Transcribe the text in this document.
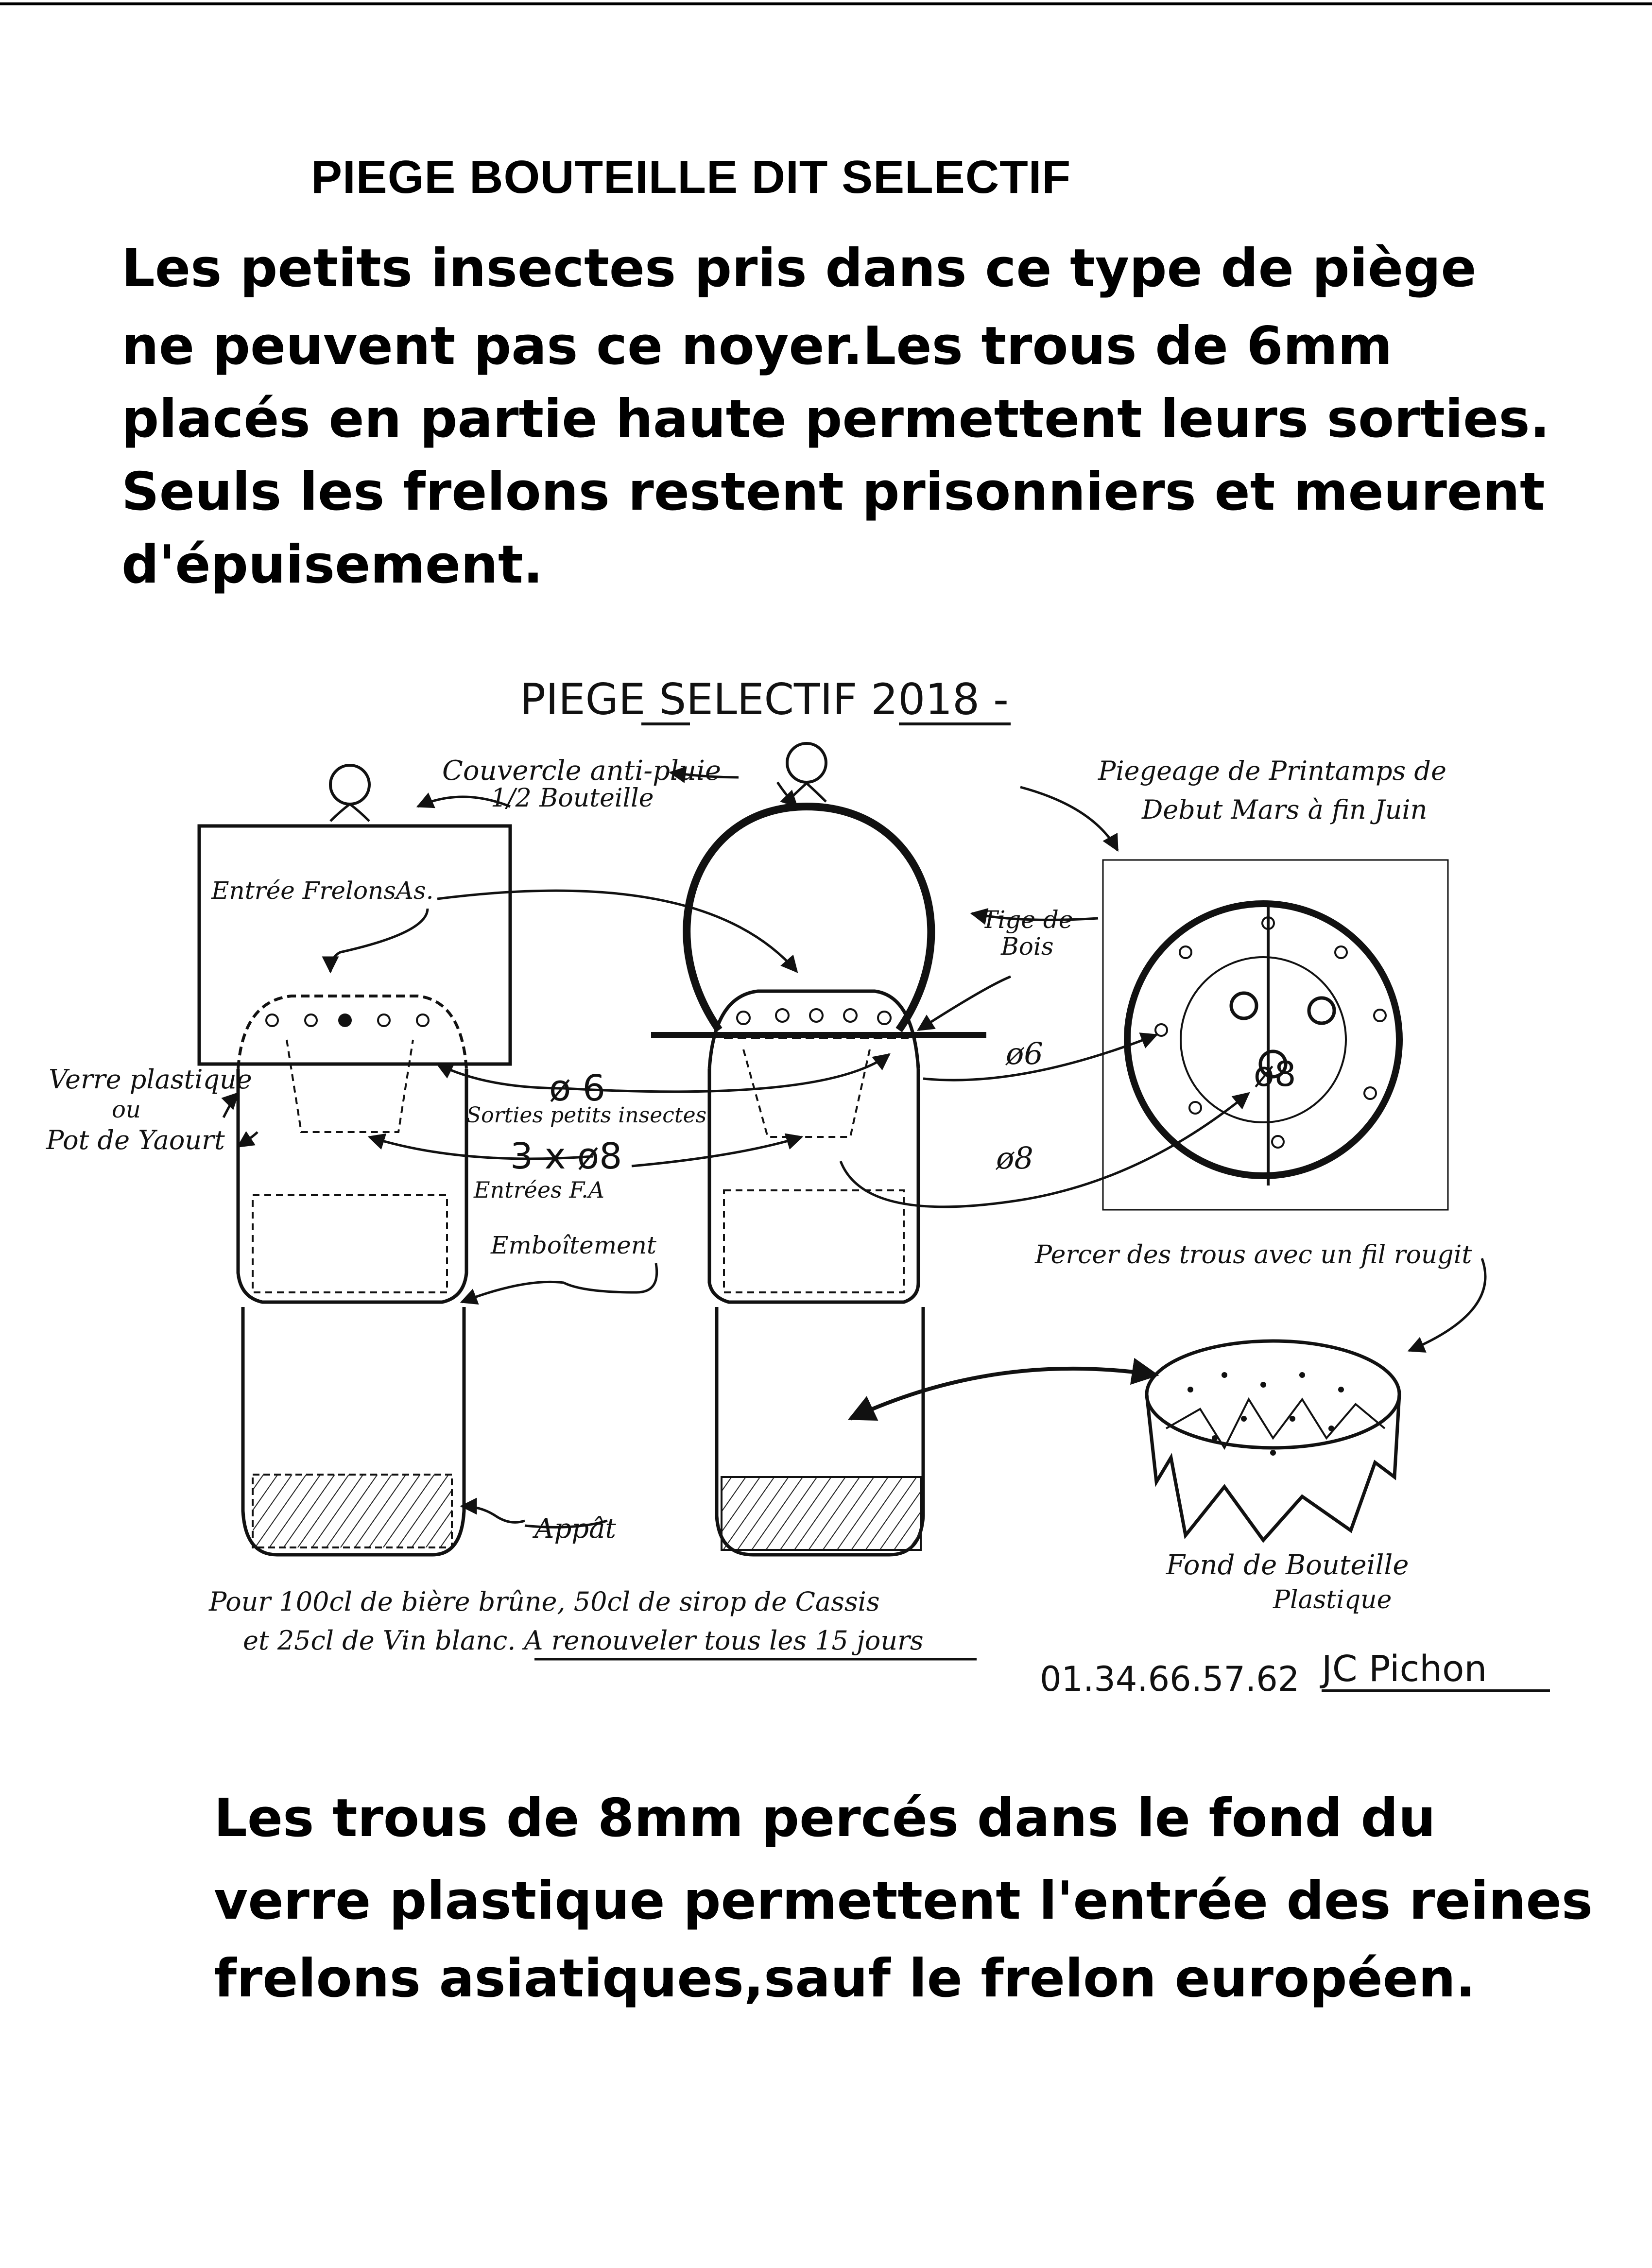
PIEGE BOUTEILLE DIT SELECTIF
Les petits insectes pris dans ce type de piège
ne peuvent pas ce noyer.Les trous de 6mm
placés en partie haute permettent leurs sorties.
Seuls les frelons restent prisonniers et meurent
d'épuisement.
PIEGE SELECTIF 2018 -
Couvercle anti-pluie
1/2 Bouteille
Entrée FrelonsAs.
Verre plastique
ou
Pot de Yaourt
ø 6
Sorties petits insectes
3 x ø8
Entrées F.A
Emboîtement
Tige de
Bois
Piegeage de Printamps de
Debut Mars à fin Juin
ø6
ø8
ø8
Percer des trous avec un fil rougit
Appât
Fond de Bouteille
Plastique
Pour 100cl de bière brûne, 50cl de sirop de Cassis
et 25cl de Vin blanc. A renouveler tous les 15 jours
01.34.66.57.62 JC Pichon
Les trous de 8mm percés dans le fond du
verre plastique permettent l'entrée des reines
frelons asiatiques,sauf le frelon européen.
